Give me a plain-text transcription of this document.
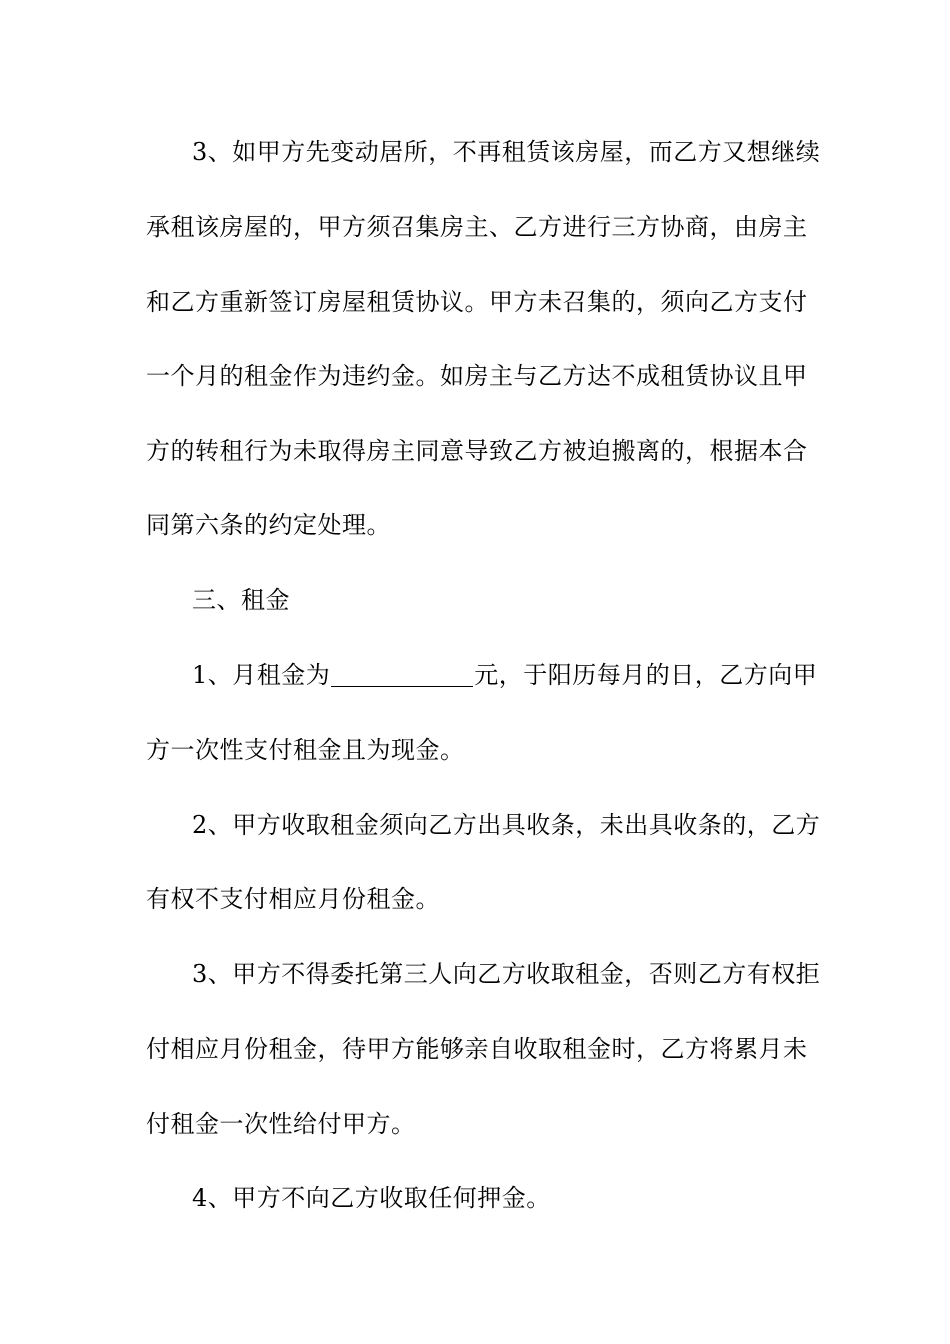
3、如甲方先变动居所，不再租赁该房屋，而乙方又想继续
承租该房屋的，甲方须召集房主、乙方进行三方协商，由房主
和乙方重新签订房屋租赁协议。甲方未召集的，须向乙方支付
一个月的租金作为违约金。如房主与乙方达不成租赁协议且甲
方的转租行为未取得房主同意导致乙方被迫搬离的，根据本合
同第六条的约定处理。
三、租金
1、月租金为	元，于阳历每月的日，乙方向甲
方一次性支付租金且为现金。
2、甲方收取租金须向乙方出具收条，未出具收条的，乙方
有权不支付相应月份租金。
3、甲方不得委托第三人向乙方收取租金，否则乙方有权拒
付相应月份租金，待甲方能够亲自收取租金时，乙方将累月未
付租金一次性给付甲方。
4、甲方不向乙方收取任何押金。
